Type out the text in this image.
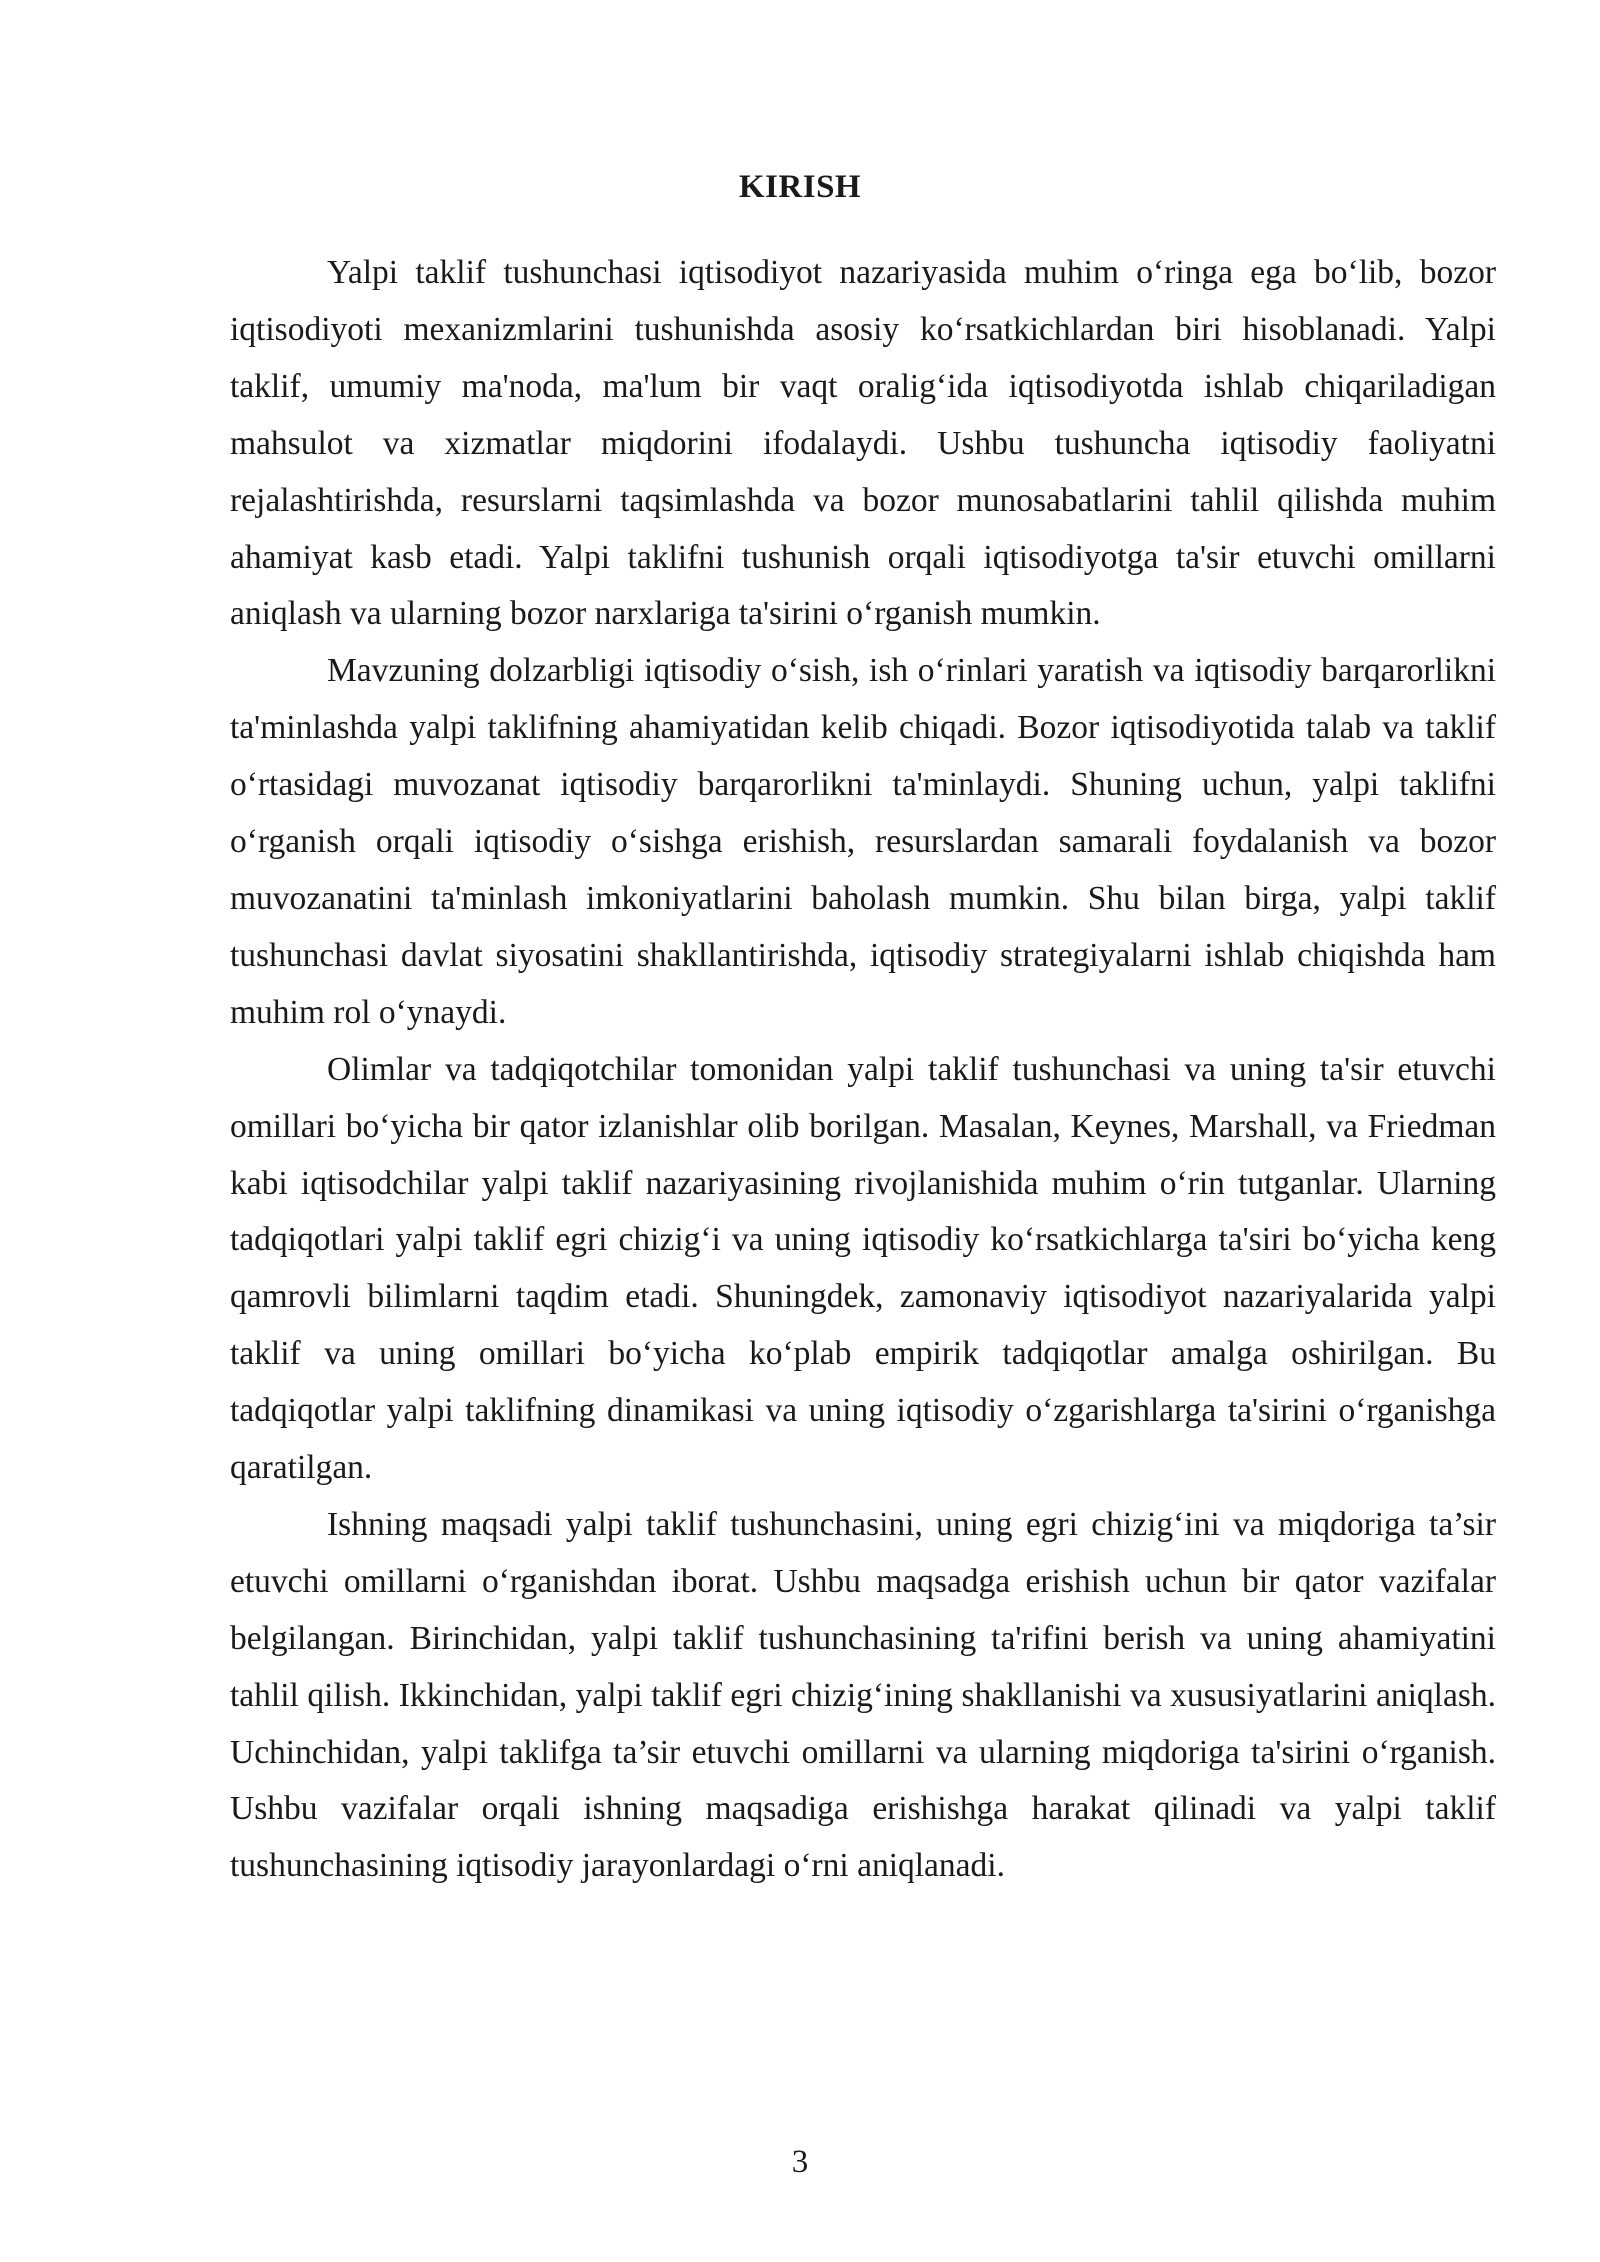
KIRISH

Yalpi taklif tushunchasi iqtisodiyot nazariyasida muhim o‘ringa ega bo‘lib, bozor iqtisodiyoti mexanizmlarini tushunishda asosiy ko‘rsatkichlardan biri hisoblanadi. Yalpi taklif, umumiy ma'noda, ma'lum bir vaqt oralig‘ida iqtisodiyotda ishlab chiqariladigan mahsulot va xizmatlar miqdorini ifodalaydi. Ushbu tushuncha iqtisodiy faoliyatni rejalashtirishda, resurslarni taqsimlashda va bozor munosabatlarini tahlil qilishda muhim ahamiyat kasb etadi. Yalpi taklifni tushunish orqali iqtisodiyotga ta'sir etuvchi omillarni aniqlash va ularning bozor narxlariga ta'sirini o‘rganish mumkin.

Mavzuning dolzarbligi iqtisodiy o‘sish, ish o‘rinlari yaratish va iqtisodiy barqarorlikni ta'minlashda yalpi taklifning ahamiyatidan kelib chiqadi. Bozor iqtisodiyotida talab va taklif o‘rtasidagi muvozanat iqtisodiy barqarorlikni ta'minlaydi. Shuning uchun, yalpi taklifni o‘rganish orqali iqtisodiy o‘sishga erishish, resurslardan samarali foydalanish va bozor muvozanatini ta'minlash imkoniyatlarini baholash mumkin. Shu bilan birga, yalpi taklif tushunchasi davlat siyosatini shakllantirishda, iqtisodiy strategiyalarni ishlab chiqishda ham muhim rol o‘ynaydi.

Olimlar va tadqiqotchilar tomonidan yalpi taklif tushunchasi va uning ta'sir etuvchi omillari bo‘yicha bir qator izlanishlar olib borilgan. Masalan, Keynes, Marshall, va Friedman kabi iqtisodchilar yalpi taklif nazariyasining rivojlanishida muhim o‘rin tutganlar. Ularning tadqiqotlari yalpi taklif egri chizig‘i va uning iqtisodiy ko‘rsatkichlarga ta'siri bo‘yicha keng qamrovli bilimlarni taqdim etadi. Shuningdek, zamonaviy iqtisodiyot nazariyalarida yalpi taklif va uning omillari bo‘yicha ko‘plab empirik tadqiqotlar amalga oshirilgan. Bu tadqiqotlar yalpi taklifning dinamikasi va uning iqtisodiy o‘zgarishlarga ta'sirini o‘rganishga qaratilgan.

Ishning maqsadi yalpi taklif tushunchasini, uning egri chizig‘ini va miqdoriga ta’sir etuvchi omillarni o‘rganishdan iborat. Ushbu maqsadga erishish uchun bir qator vazifalar belgilangan. Birinchidan, yalpi taklif tushunchasining ta'rifini berish va uning ahamiyatini tahlil qilish. Ikkinchidan, yalpi taklif egri chizig‘ining shakllanishi va xususiyatlarini aniqlash. Uchinchidan, yalpi taklifga ta’sir etuvchi omillarni va ularning miqdoriga ta'sirini o‘rganish. Ushbu vazifalar orqali ishning maqsadiga erishishga harakat qilinadi va yalpi taklif tushunchasining iqtisodiy jarayonlardagi o‘rni aniqlanadi.

3
